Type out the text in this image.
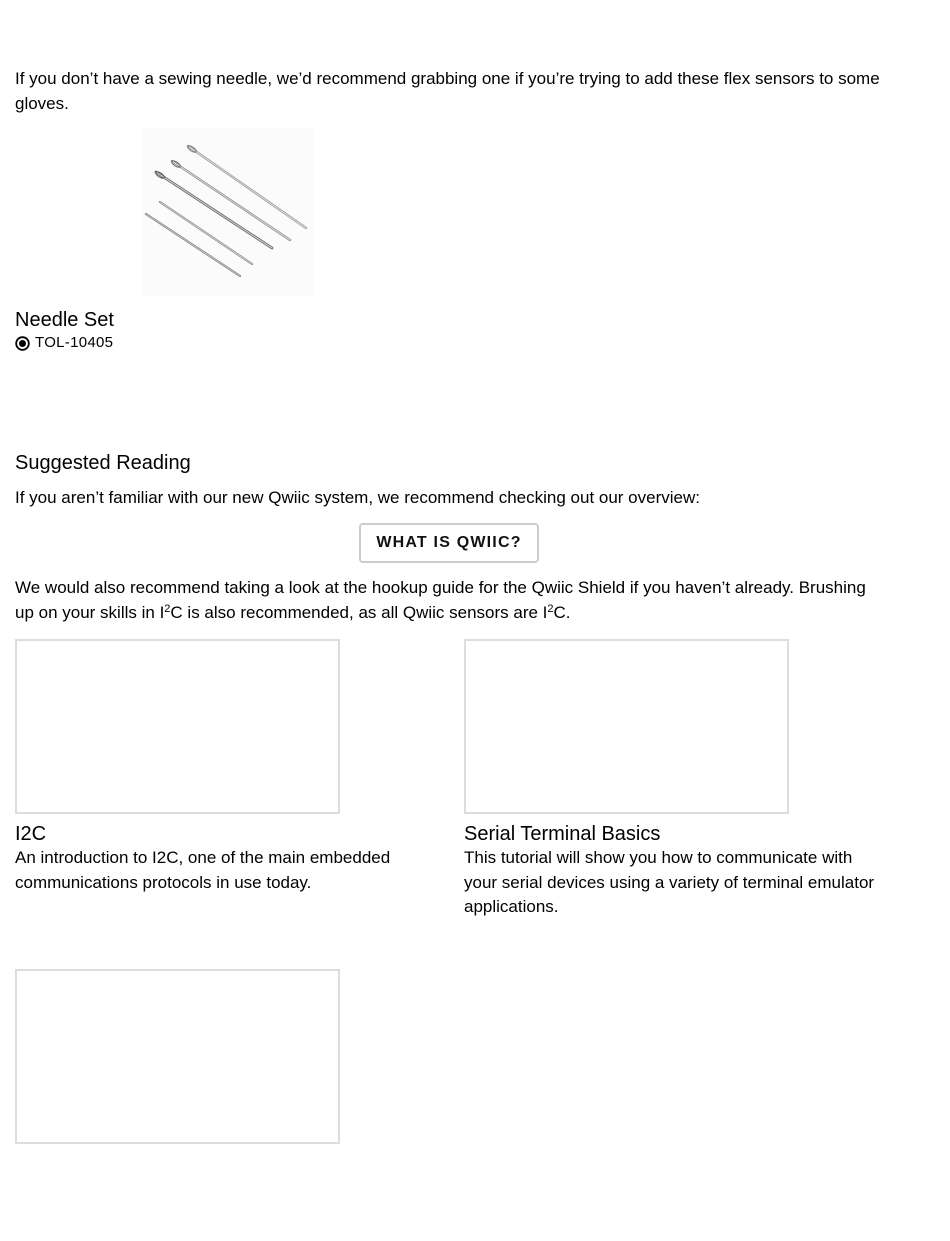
If you don’t have a sewing needle, we’d recommend grabbing one if you’re trying to add these flex sensors to some gloves.

Needle Set
TOL-10405
Suggested Reading

If you aren’t familiar with our new Qwiic system, we recommend checking out our overview:

WHAT IS QWIIC?

We would also recommend taking a look at the hookup guide for the Qwiic Shield if you haven’t already. Brushing up on your skills in $I^2C$ is also recommended, as all Qwiic sensors are $I^2C$.

I2C

An introduction to I2C, one of the main embedded communications protocols in use today.

Serial Terminal Basics

This tutorial will show you how to communicate with your serial devices using a variety of terminal emulator applications.
